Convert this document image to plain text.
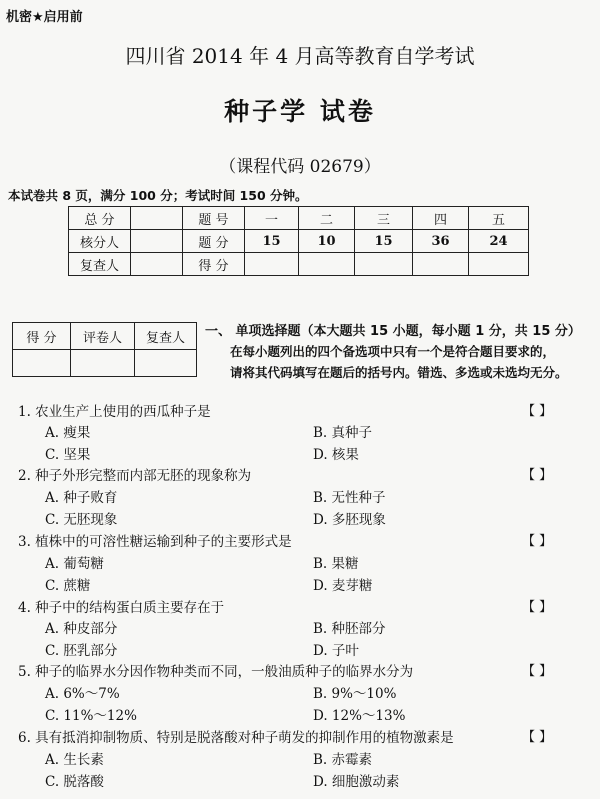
机密★启用前
四川省 2014 年 4 月高等教育自学考试
种子学 试卷
（课程代码 02679）
本试卷共 8 页，满分 100 分；考试时间 150 分钟。
总 分		题 号	一	二	三	四	五
核分人		题 分	15	10	15	36	24
复查人		得 分					
得 分	评卷人	复查人
		一、 单项选择题（本大题共 15 小题，每小题 1 分，共 15 分）
在每小题列出的四个备选项中只有一个是符合题目要求的，
请将其代码填写在题后的括号内。错选、多选或未选均无分。
1. 农业生产上使用的西瓜种子是	【 】
A. 瘦果	B. 真种子
C. 坚果	D. 核果
2. 种子外形完整而内部无胚的现象称为	【 】
A. 种子败育	B. 无性种子
C. 无胚现象	D. 多胚现象
3. 植株中的可溶性糖运输到种子的主要形式是	【 】
A. 葡萄糖	B. 果糖
C. 蔗糖	D. 麦芽糖
4. 种子中的结构蛋白质主要存在于	【 】
A. 种皮部分	B. 种胚部分
C. 胚乳部分	D. 子叶
5. 种子的临界水分因作物种类而不同，一般油质种子的临界水分为	【 】
A. 6%～7%	B. 9%～10%
C. 11%～12%	D. 12%～13%
6. 具有抵消抑制物质、特别是脱落酸对种子萌发的抑制作用的植物激素是	【 】
A. 生长素	B. 赤霉素
C. 脱落酸	D. 细胞激动素
